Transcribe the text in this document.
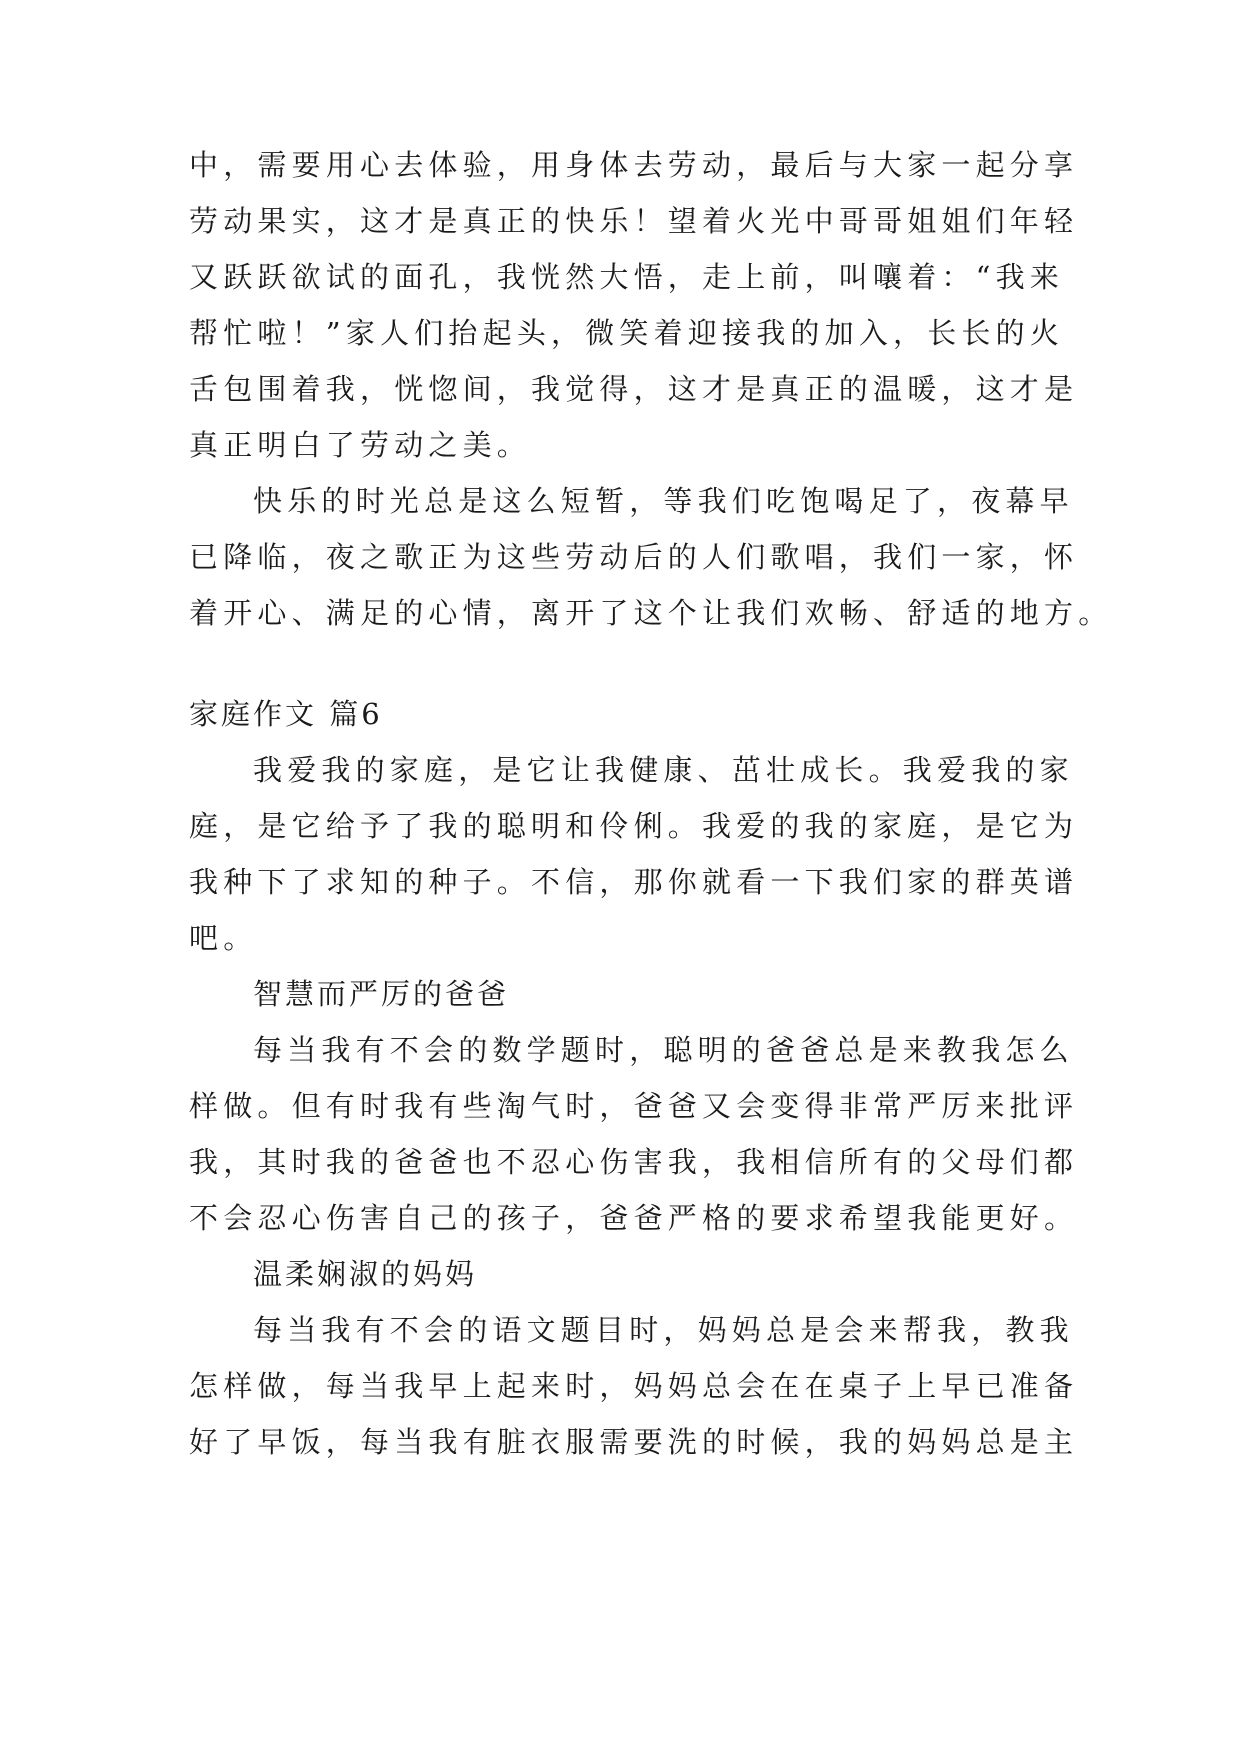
中，需要用心去体验，用身体去劳动，最后与大家一起分享
劳动果实，这才是真正的快乐！望着火光中哥哥姐姐们年轻
又跃跃欲试的面孔，我恍然大悟，走上前，叫嚷着：“我来
帮忙啦！”家人们抬起头，微笑着迎接我的加入，长长的火
舌包围着我，恍惚间，我觉得，这才是真正的温暖，这才是
真正明白了劳动之美。
快乐的时光总是这么短暂，等我们吃饱喝足了，夜幕早
已降临，夜之歌正为这些劳动后的人们歌唱，我们一家，怀
着开心、满足的心情，离开了这个让我们欢畅、舒适的地方。
家庭作文 篇6
我爱我的家庭，是它让我健康、茁壮成长。我爱我的家
庭，是它给予了我的聪明和伶俐。我爱的我的家庭，是它为
我种下了求知的种子。不信，那你就看一下我们家的群英谱
吧。
智慧而严厉的爸爸
每当我有不会的数学题时，聪明的爸爸总是来教我怎么
样做。但有时我有些淘气时，爸爸又会变得非常严厉来批评
我，其时我的爸爸也不忍心伤害我，我相信所有的父母们都
不会忍心伤害自己的孩子，爸爸严格的要求希望我能更好。
温柔娴淑的妈妈
每当我有不会的语文题目时，妈妈总是会来帮我，教我
怎样做，每当我早上起来时，妈妈总会在在桌子上早已准备
好了早饭，每当我有脏衣服需要洗的时候，我的妈妈总是主
